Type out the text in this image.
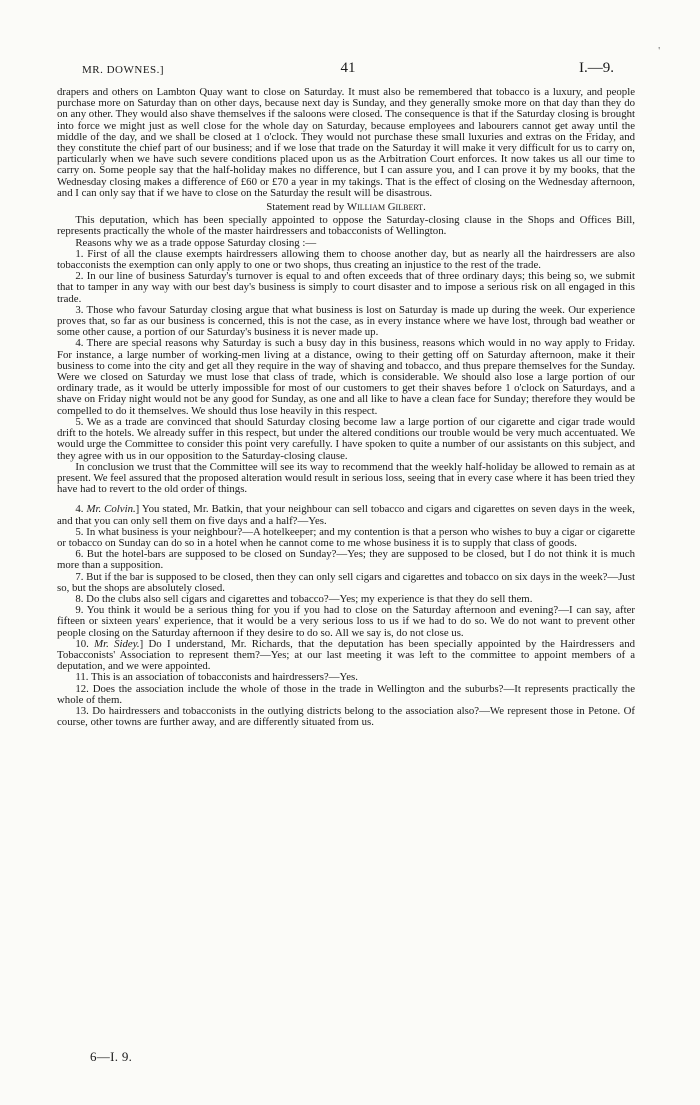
'
MR. DOWNES.]	41	I.—9.

drapers and others on Lambton Quay want to close on Saturday. It must also be remembered that tobacco is a luxury, and people purchase more on Saturday than on other days, because next day is Sunday, and they generally smoke more on that day than they do on any other. They would also shave themselves if the saloons were closed. The consequence is that if the Saturday closing is brought into force we might just as well close for the whole day on Saturday, because employees and labourers cannot get away until the middle of the day, and we shall be closed at 1 o'clock. They would not purchase these small luxuries and extras on the Friday, and they constitute the chief part of our business; and if we lose that trade on the Saturday it will make it very difficult for us to carry on, particularly when we have such severe conditions placed upon us as the Arbitration Court enforces. It now takes us all our time to carry on. Some people say that the half-holiday makes no difference, but I can assure you, and I can prove it by my books, that the Wednesday closing makes a difference of £60 or £70 a year in my takings. That is the effect of closing on the Wednesday afternoon, and I can only say that if we have to close on the Saturday the result will be disastrous.

Statement read by William Gilbert.

This deputation, which has been specially appointed to oppose the Saturday-closing clause in the Shops and Offices Bill, represents practically the whole of the master hairdressers and tobacconists of Wellington.

Reasons why we as a trade oppose Saturday closing :—

1. First of all the clause exempts hairdressers allowing them to choose another day, but as nearly all the hairdressers are also tobacconists the exemption can only apply to one or two shops, thus creating an injustice to the rest of the trade.

2. In our line of business Saturday's turnover is equal to and often exceeds that of three ordinary days; this being so, we submit that to tamper in any way with our best day's business is simply to court disaster and to impose a serious risk on all engaged in this trade.

3. Those who favour Saturday closing argue that what business is lost on Saturday is made up during the week. Our experience proves that, so far as our business is concerned, this is not the case, as in every instance where we have lost, through bad weather or some other cause, a portion of our Saturday's business it is never made up.

4. There are special reasons why Saturday is such a busy day in this business, reasons which would in no way apply to Friday. For instance, a large number of working-men living at a distance, owing to their getting off on Saturday afternoon, make it their business to come into the city and get all they require in the way of shaving and tobacco, and thus prepare themselves for the Sunday. Were we closed on Saturday we must lose that class of trade, which is considerable. We should also lose a large portion of our ordinary trade, as it would be utterly impossible for most of our customers to get their shaves before 1 o'clock on Saturdays, and a shave on Friday night would not be any good for Sunday, as one and all like to have a clean face for Sunday; therefore they would be compelled to do it themselves. We should thus lose heavily in this respect.

5. We as a trade are convinced that should Saturday closing become law a large portion of our cigarette and cigar trade would drift to the hotels. We already suffer in this respect, but under the altered conditions our trouble would be very much accentuated. We would urge the Committee to consider this point very carefully. I have spoken to quite a number of our assistants on this subject, and they agree with us in our opposition to the Saturday-closing clause.

In conclusion we trust that the Committee will see its way to recommend that the weekly half-holiday be allowed to remain as at present. We feel assured that the proposed alteration would result in serious loss, seeing that in every case where it has been tried they have had to revert to the old order of things.

4. Mr. Colvin.] You stated, Mr. Batkin, that your neighbour can sell tobacco and cigars and cigarettes on seven days in the week, and that you can only sell them on five days and a half?—Yes.

5. In what business is your neighbour?—A hotelkeeper; and my contention is that a person who wishes to buy a cigar or cigarette or tobacco on Sunday can do so in a hotel when he cannot come to me whose business it is to supply that class of goods.

6. But the hotel-bars are supposed to be closed on Sunday?—Yes; they are supposed to be closed, but I do not think it is much more than a supposition.

7. But if the bar is supposed to be closed, then they can only sell cigars and cigarettes and tobacco on six days in the week?—Just so, but the shops are absolutely closed.

8. Do the clubs also sell cigars and cigarettes and tobacco?—Yes; my experience is that they do sell them.

9. You think it would be a serious thing for you if you had to close on the Saturday afternoon and evening?—I can say, after fifteen or sixteen years' experience, that it would be a very serious loss to us if we had to do so. We do not want to prevent other people closing on the Saturday afternoon if they desire to do so. All we say is, do not close us.

10. Mr. Sidey.] Do I understand, Mr. Richards, that the deputation has been specially appointed by the Hairdressers and Tobacconists' Association to represent them?—Yes; at our last meeting it was left to the committee to appoint members of a deputation, and we were appointed.

11. This is an association of tobacconists and hairdressers?—Yes.

12. Does the association include the whole of those in the trade in Wellington and the suburbs?—It represents practically the whole of them.

13. Do hairdressers and tobacconists in the outlying districts belong to the association also?—We represent those in Petone. Of course, other towns are further away, and are differently situated from us.

6—I. 9.
